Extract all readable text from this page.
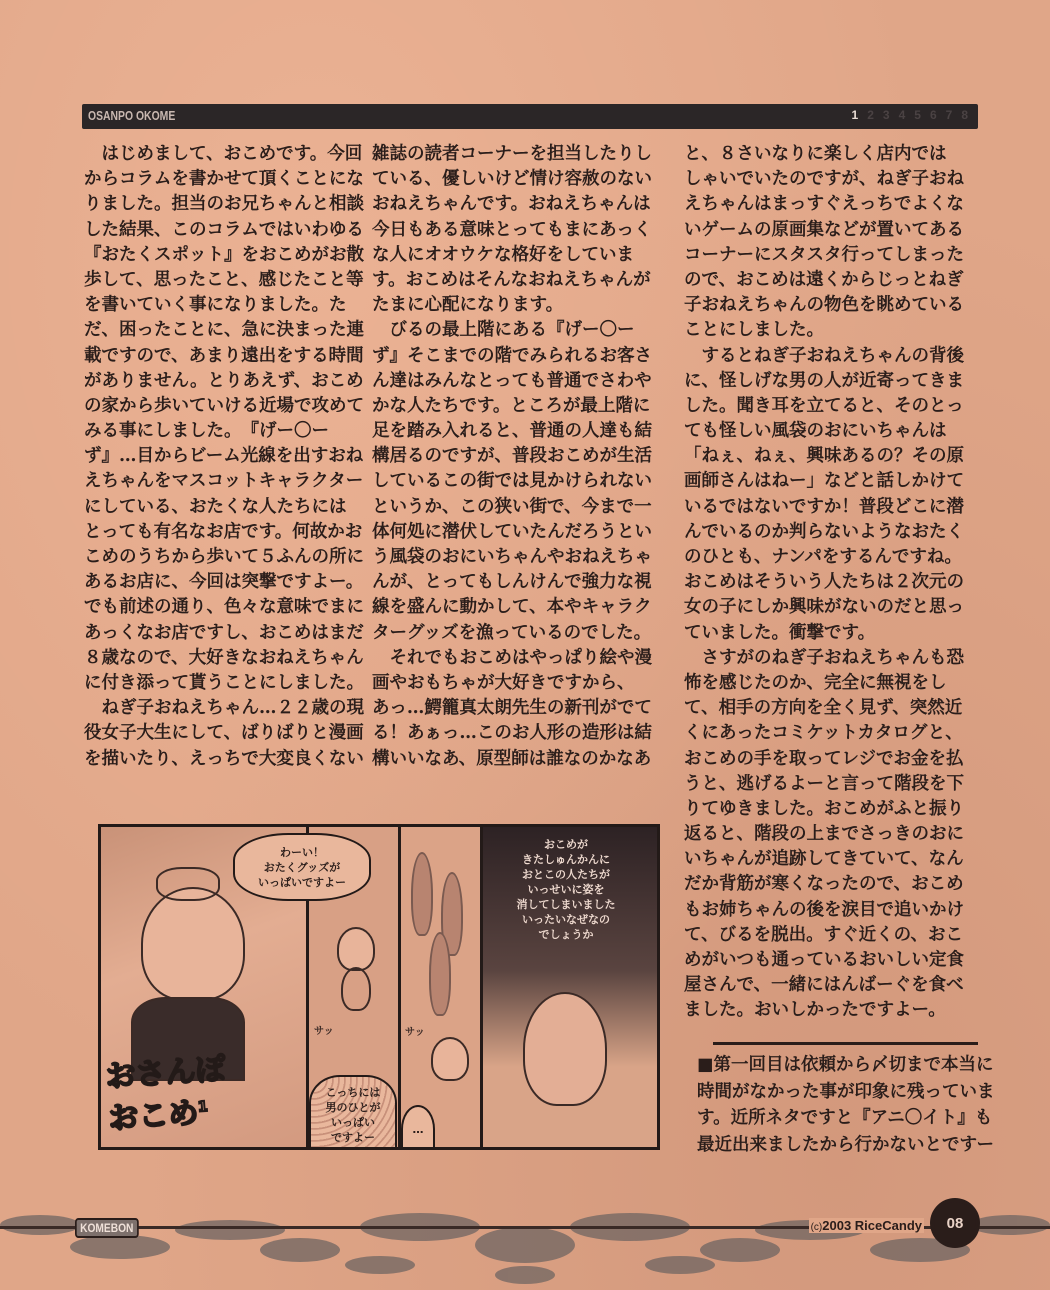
OSANPO OKOME	1 2 3 4 5 6 7 8
　はじめまして、おこめです。今回
からコラムを書かせて頂くことにな
りました。担当のお兄ちゃんと相談
した結果、このコラムではいわゆる
『おたくスポット』をおこめがお散
歩して、思ったこと、感じたこと等
を書いていく事になりました。た
だ、困ったことに、急に決まった連
載ですので、あまり遠出をする時間
がありません。とりあえず、おこめ
の家から歩いていける近場で攻めて
みる事にしました。　『げー〇ー
ず』…目からビーム光線を出すおね
えちゃんをマスコットキャラクター
にしている、おたくな人たちには
とっても有名なお店です。何故かお
こめのうちから歩いて５ふんの所に
あるお店に、今回は突撃ですよー。
でも前述の通り、色々な意味でまに
あっくなお店ですし、おこめはまだ
８歳なので、大好きなおねえちゃん
に付き添って貰うことにしました。
　ねぎ子おねえちゃん…２２歳の現
役女子大生にして、ばりばりと漫画
を描いたり、えっちで大変良くない
雑誌の読者コーナーを担当したりし
ている、優しいけど情け容赦のない
おねえちゃんです。おねえちゃんは
今日もある意味とってもまにあっく
な人にオオウケな格好をしていま
す。おこめはそんなおねえちゃんが
たまに心配になります。
　びるの最上階にある『げー〇ー
ず』そこまでの階でみられるお客さ
ん達はみんなとっても普通でさわや
かな人たちです。ところが最上階に
足を踏み入れると、普通の人達も結
構居るのですが、普段おこめが生活
しているこの街では見かけられない
というか、この狭い街で、今まで一
体何処に潜伏していたんだろうとい
う風袋のおにいちゃんやおねえちゃ
んが、とってもしんけんで強力な視
線を盛んに動かして、本やキャラク
ターグッズを漁っているのでした。
　それでもおこめはやっぱり絵や漫
画やおもちゃが大好きですから、
あっ…鰐籠真太朗先生の新刊がでて
る！あぁっ…このお人形の造形は結
構いいなあ、原型師は誰なのかなあ
と、８さいなりに楽しく店内では
しゃいでいたのですが、ねぎ子おね
えちゃんはまっすぐえっちでよくな
いゲームの原画集などが置いてある
コーナーにスタスタ行ってしまった
ので、おこめは遠くからじっとねぎ
子おねえちゃんの物色を眺めている
ことにしました。
　するとねぎ子おねえちゃんの背後
に、怪しげな男の人が近寄ってきま
した。聞き耳を立てると、そのとっ
ても怪しい風袋のおにいちゃんは
「ねぇ、ねぇ、興味あるの？その原
画師さんはねー」などと話しかけて
いるではないですか！普段どこに潜
んでいるのか判らないようなおたく
のひとも、ナンパをするんですね。
おこめはそういう人たちは２次元の
女の子にしか興味がないのだと思っ
ていました。衝撃です。
　さすがのねぎ子おねえちゃんも恐
怖を感じたのか、完全に無視をし
て、相手の方向を全く見ず、突然近
くにあったコミケットカタログと、
おこめの手を取ってレジでお金を払
うと、逃げるよーと言って階段を下
りてゆきました。おこめがふと振り
返ると、階段の上までさっきのおに
いちゃんが追跡してきていて、なん
だか背筋が寒くなったので、おこめ
もお姉ちゃんの後を涙目で追いかけ
て、びるを脱出。すぐ近くの、おこ
めがいつも通っているおいしい定食
屋さんで、一緒にはんばーぐを食べ
ました。おいしかったですよー。
■第一回目は依頼から〆切まで本当に
時間がなかった事が印象に残っていま
す。近所ネタですと『アニ〇イト』も
最近出来ましたから行かないとですー
おさんぽおこめ$^1$
サッ	サッ
わーい！
おたくグッズが
いっぱいですよー
こっちには
男のひとが
いっぱい
ですよー
…
おこめが
きたしゅんかんに
おとこの人たちが
いっせいに姿を
消してしまいました
いったいなぜなの
でしょうか
KOMEBON	(c)2003 RiceCandy 08
